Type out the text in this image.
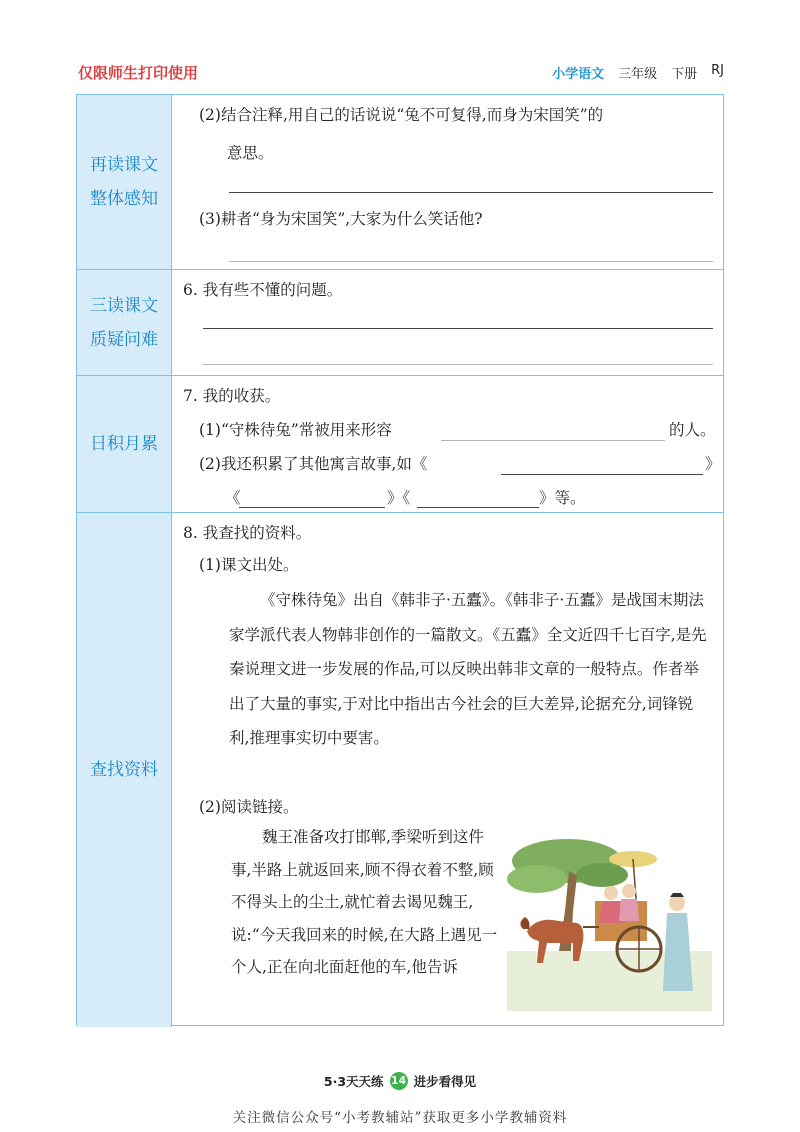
仅限师生打印使用	小学语文 三年级 下册 RJ
再读课文
整体感知
(2)结合注释,用自己的话说说“兔不可复得,而身为宋国笑”的
意思。
(3)耕者“身为宋国笑”,大家为什么笑话他?
三读课文
质疑问难
6. 我有些不懂的问题。
日积月累
7. 我的收获。
(1)“守株待兔”常被用来形容	的人。
(2)我还积累了其他寓言故事,如《	》
《	》《	》等。
查找资料
8. 我查找的资料。
(1)课文出处。
《守株待兔》出自《韩非子·五蠹》。《韩非子·五蠹》是战国末期法家学派代表人物韩非创作的一篇散文。《五蠹》全文近四千七百字,是先秦说理文进一步发展的作品,可以反映出韩非文章的一般特点。作者举出了大量的事实,于对比中指出古今社会的巨大差异,论据充分,词锋锐利,推理事实切中要害。
(2)阅读链接。
魏王准备攻打邯郸,季梁听到这件事,半路上就返回来,顾不得衣着不整,顾不得头上的尘土,就忙着去谒见魏王,说:“今天我回来的时候,在大路上遇见一个人,正在向北面赶他的车,他告诉
5·3天天练 14 进步看得见
关注微信公众号“小考教辅站”获取更多小学教辅资料
